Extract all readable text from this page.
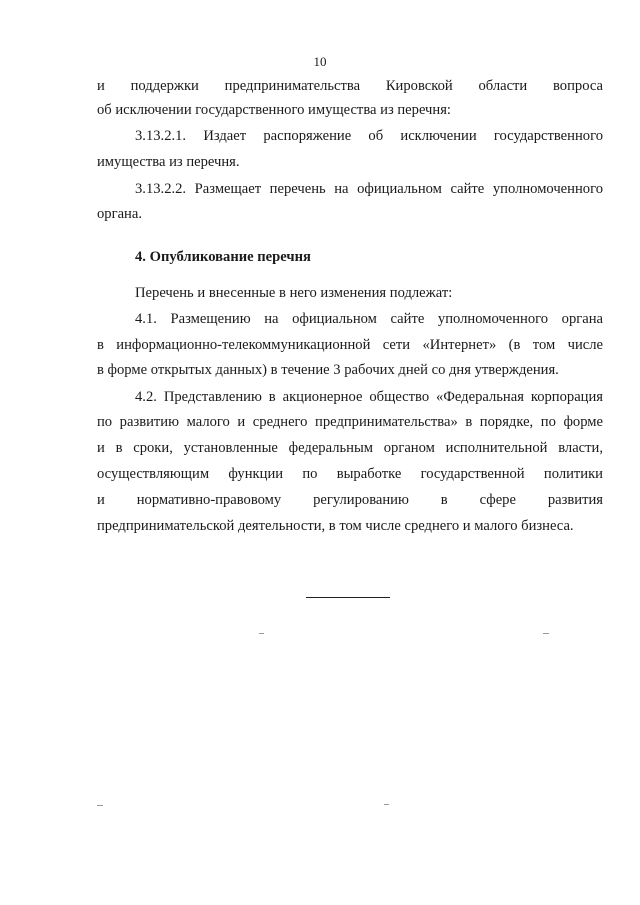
10
и поддержки предпринимательства Кировской области вопроса
об исключении государственного имущества из перечня:
3.13.2.1. Издает распоряжение об исключении государственного
имущества из перечня.
3.13.2.2. Размещает перечень на официальном сайте уполномоченного
органа.
4. Опубликование перечня
Перечень и внесенные в него изменения подлежат:
4.1. Размещению на официальном сайте уполномоченного органа
в информационно-телекоммуникационной сети «Интернет» (в том числе
в форме открытых данных) в течение 3 рабочих дней со дня утверждения.
4.2. Представлению в акционерное общество «Федеральная корпорация
по развитию малого и среднего предпринимательства» в порядке, по форме
и в сроки, установленные федеральным органом исполнительной власти,
осуществляющим функции по выработке государственной политики
и нормативно-правовому регулированию в сфере развития
предпринимательской деятельности, в том числе среднего и малого бизнеса.
